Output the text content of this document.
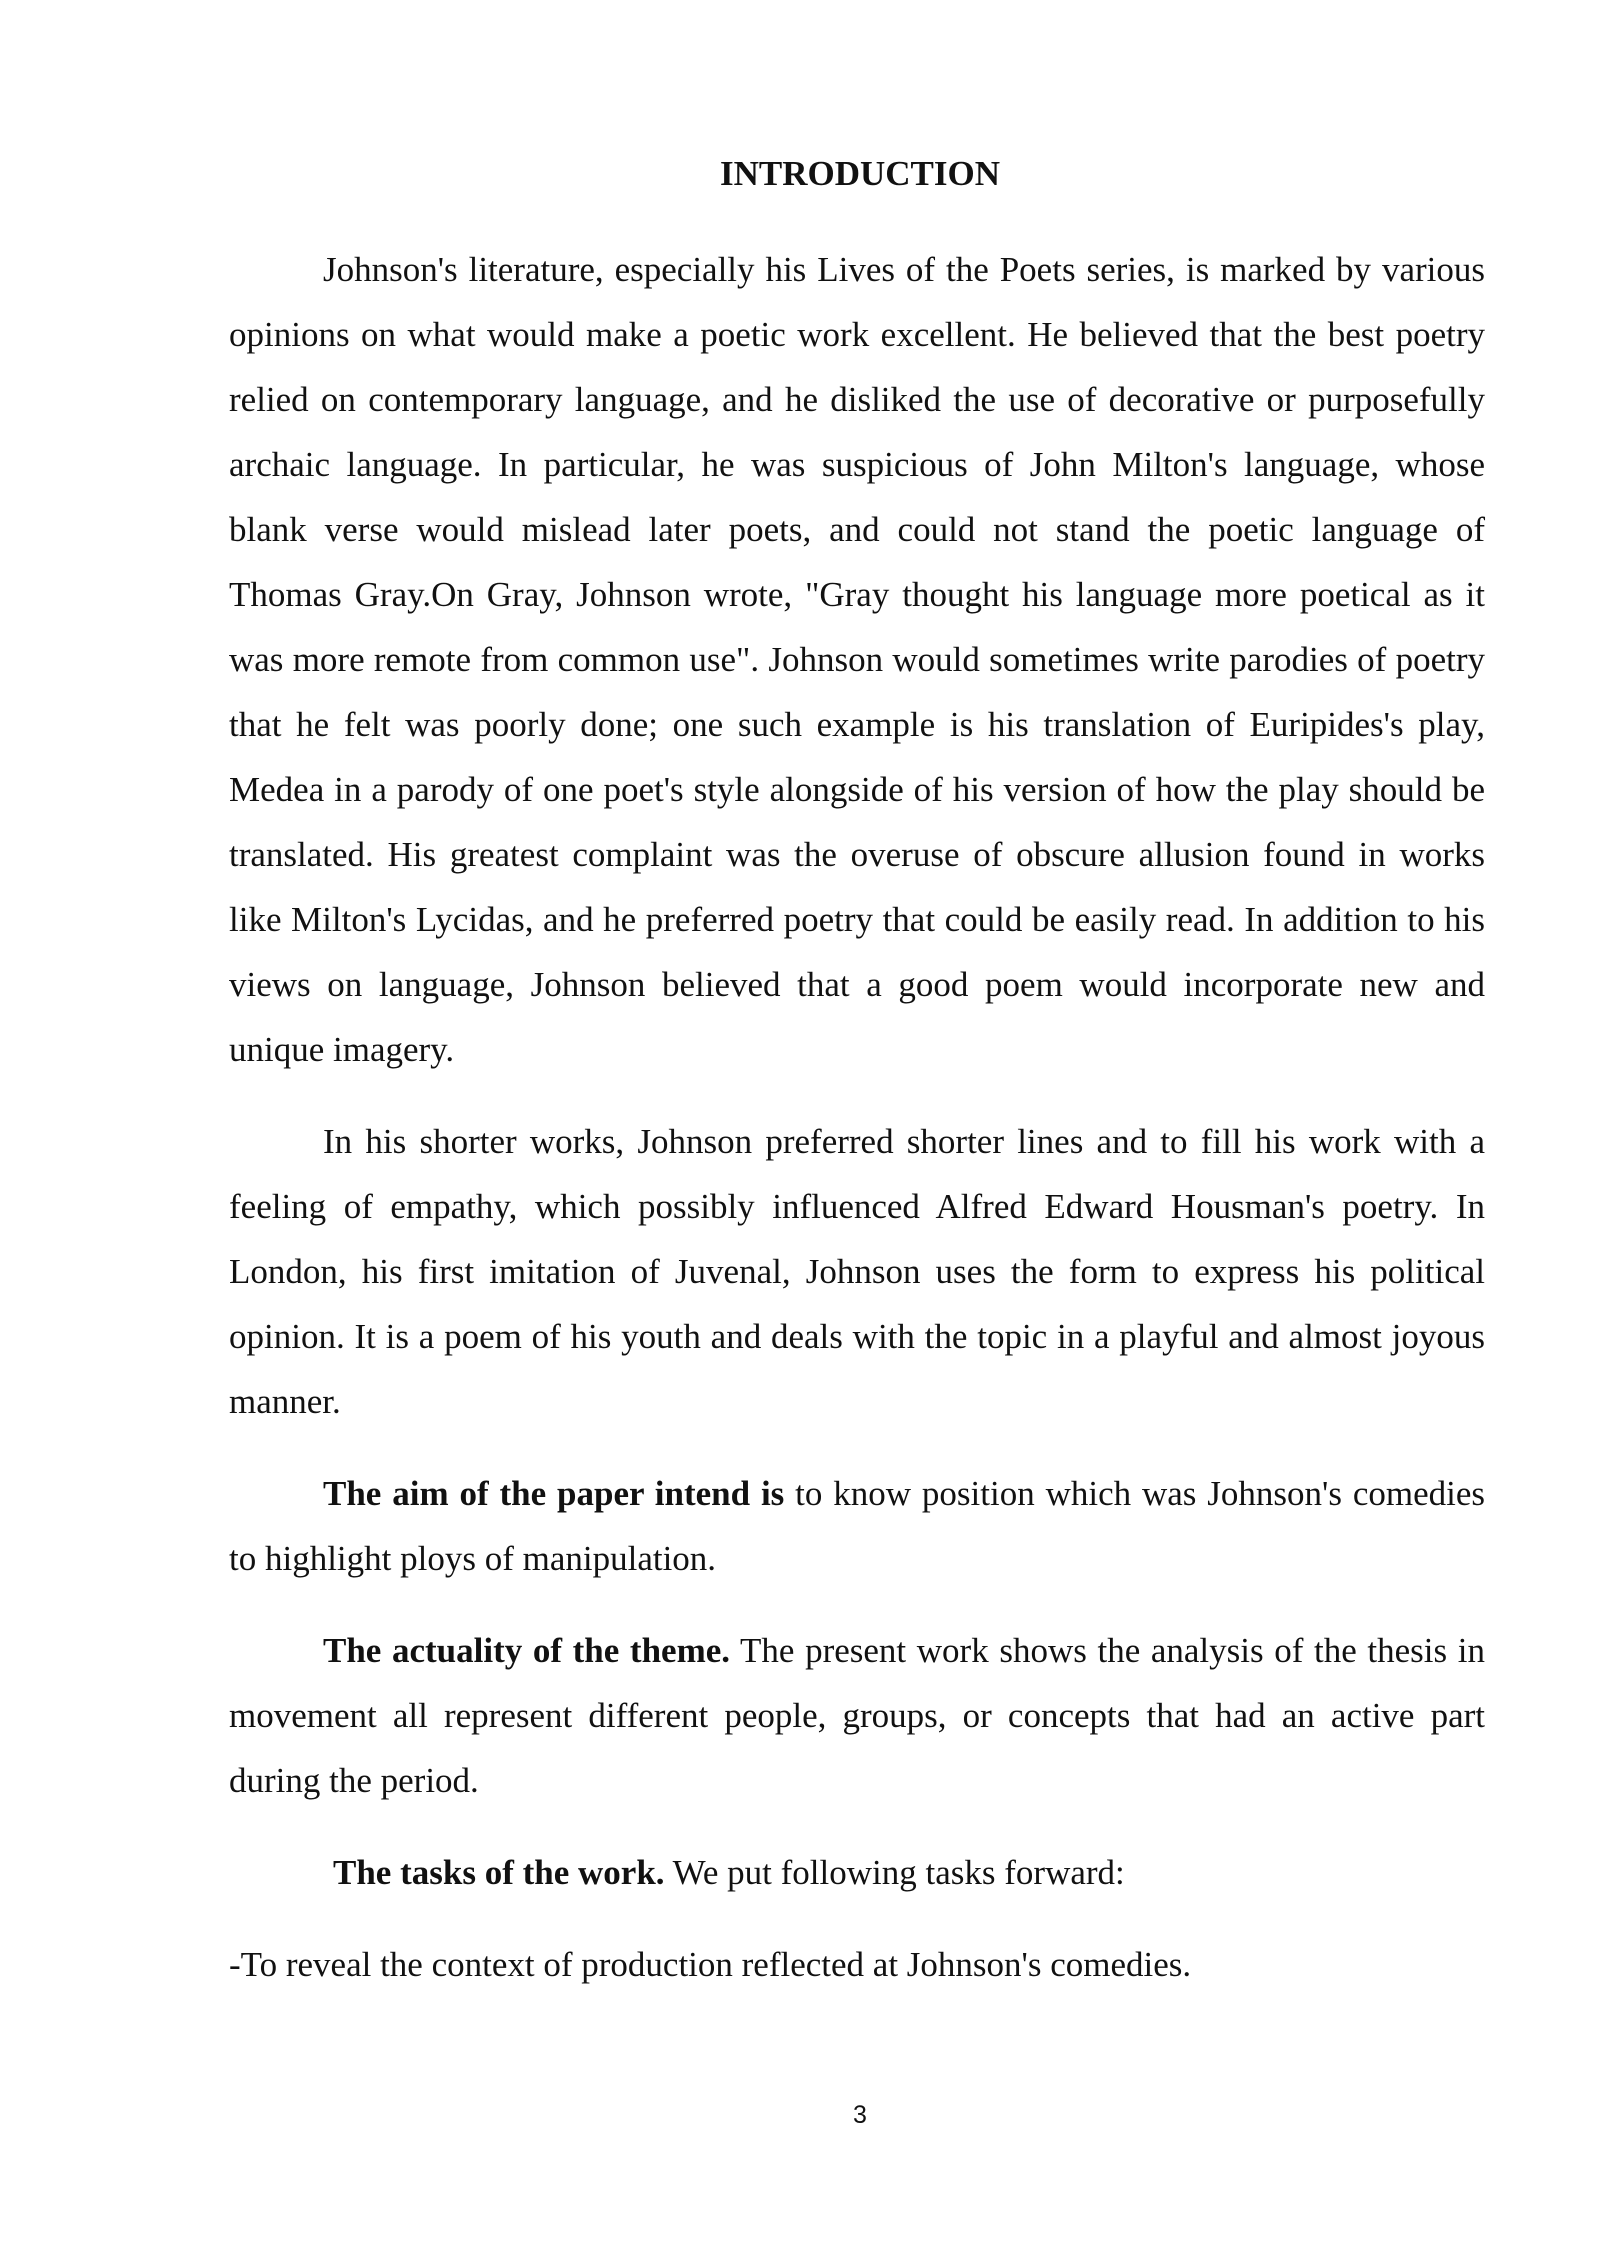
INTRODUCTION

Johnson's literature, especially his Lives of the Poets series, is marked by various opinions on what would make a poetic work excellent. He believed that the best poetry relied on contemporary language, and he disliked the use of decorative or purposefully archaic language. In particular, he was suspicious of John Milton's language, whose blank verse would mislead later poets, and could not stand the poetic language of Thomas Gray.On Gray, Johnson wrote, "Gray thought his language more poetical as it was more remote from common use". Johnson would sometimes write parodies of poetry that he felt was poorly done; one such example is his translation of Euripides's play, Medea in a parody of one poet's style alongside of his version of how the play should be translated. His greatest complaint was the overuse of obscure allusion found in works like Milton's Lycidas, and he preferred poetry that could be easily read. In addition to his views on language, Johnson believed that a good poem would incorporate new and unique imagery.

In his shorter works, Johnson preferred shorter lines and to fill his work with a feeling of empathy, which possibly influenced Alfred Edward Housman's poetry. In London, his first imitation of Juvenal, Johnson uses the form to express his political opinion. It is a poem of his youth and deals with the topic in a playful and almost joyous manner.

The aim of the paper intend is to know position which was Johnson's comedies to highlight ploys of manipulation.

The actuality of the theme. The present work shows the analysis of the thesis in movement all represent different people, groups, or concepts that had an active part during the period.

The tasks of the work. We put following tasks forward:

-To reveal the context of production reflected at Johnson's comedies.

3
